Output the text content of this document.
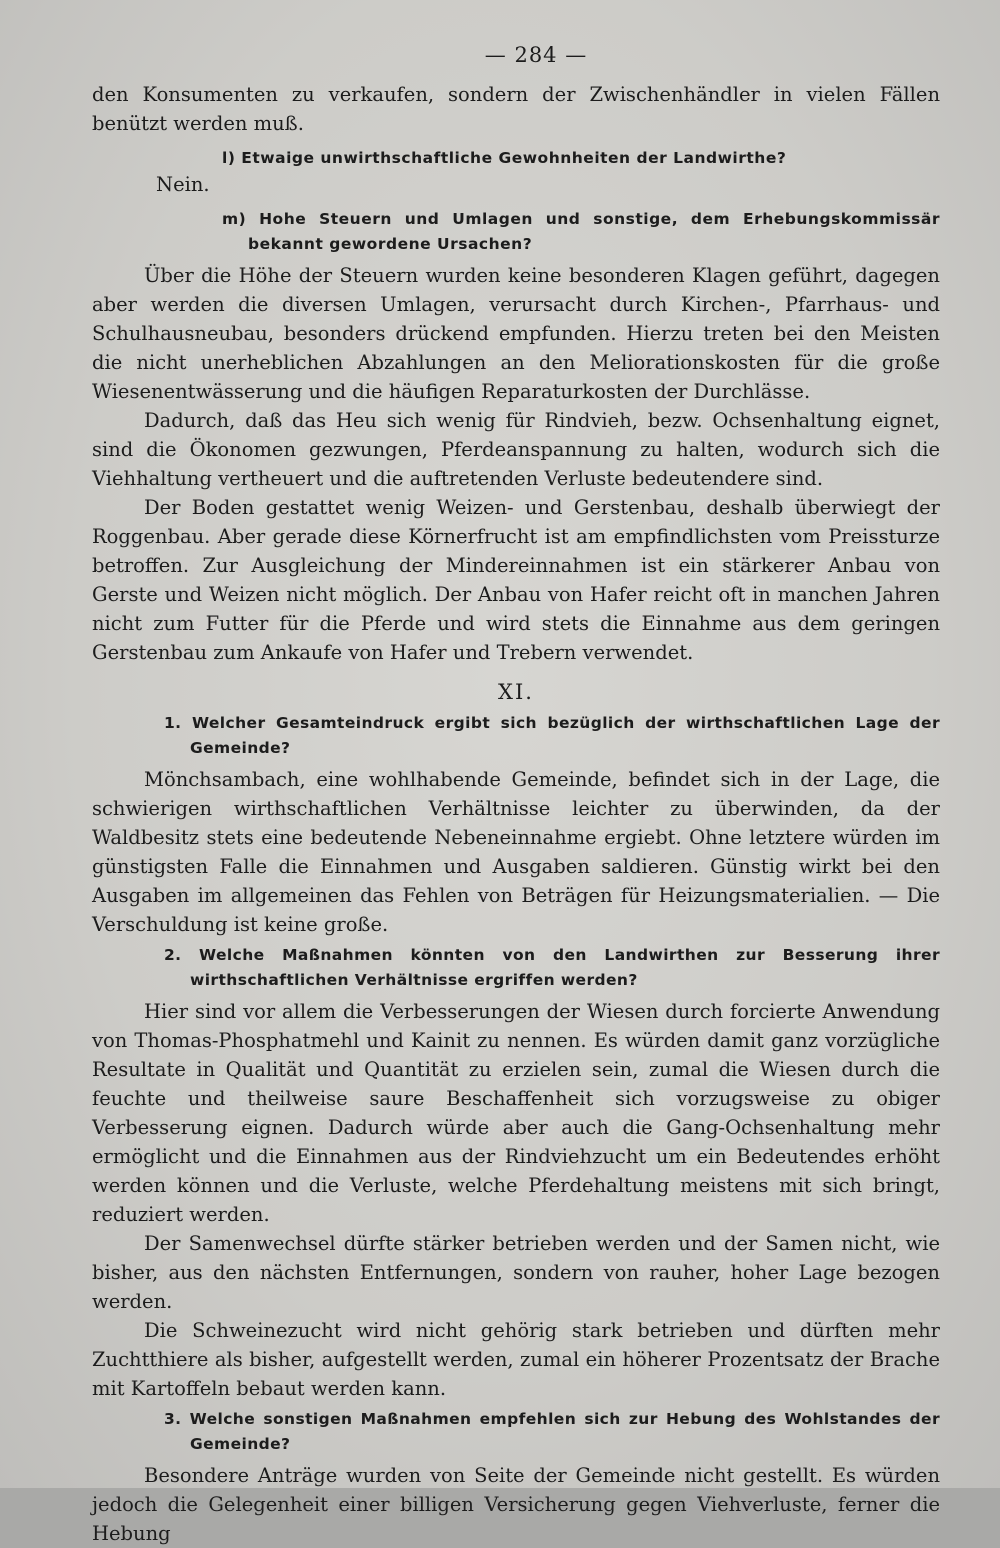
— 284 —

den Konsumenten zu verkaufen, sondern der Zwischenhändler in vielen Fällen benützt werden muß.

l) Etwaige unwirthschaftliche Gewohnheiten der Landwirthe?

Nein.

m) Hohe Steuern und Umlagen und sonstige, dem Erhebungskommissär bekannt gewordene Ursachen?

Über die Höhe der Steuern wurden keine besonderen Klagen geführt, dagegen aber werden die diversen Umlagen, verursacht durch Kirchen-, Pfarrhaus- und Schulhausneubau, besonders drückend empfunden. Hierzu treten bei den Meisten die nicht unerheblichen Abzahlungen an den Meliorationskosten für die große Wiesenentwässerung und die häufigen Reparaturkosten der Durchlässe.

Dadurch, daß das Heu sich wenig für Rindvieh, bezw. Ochsenhaltung eignet, sind die Ökonomen gezwungen, Pferdeanspannung zu halten, wodurch sich die Viehhaltung vertheuert und die auftretenden Verluste bedeutendere sind.

Der Boden gestattet wenig Weizen- und Gerstenbau, deshalb überwiegt der Roggenbau. Aber gerade diese Körnerfrucht ist am empfindlichsten vom Preissturze betroffen. Zur Ausgleichung der Mindereinnahmen ist ein stärkerer Anbau von Gerste und Weizen nicht möglich. Der Anbau von Hafer reicht oft in manchen Jahren nicht zum Futter für die Pferde und wird stets die Einnahme aus dem geringen Gerstenbau zum Ankaufe von Hafer und Trebern verwendet.

XI.

1. Welcher Gesamteindruck ergibt sich bezüglich der wirthschaftlichen Lage der Gemeinde?

Mönchsambach, eine wohlhabende Gemeinde, befindet sich in der Lage, die schwierigen wirthschaftlichen Verhältnisse leichter zu überwinden, da der Waldbesitz stets eine bedeutende Nebeneinnahme ergiebt. Ohne letztere würden im günstigsten Falle die Einnahmen und Ausgaben saldieren. Günstig wirkt bei den Ausgaben im allgemeinen das Fehlen von Beträgen für Heizungsmaterialien. — Die Verschuldung ist keine große.

2. Welche Maßnahmen könnten von den Landwirthen zur Besserung ihrer wirthschaftlichen Verhältnisse ergriffen werden?

Hier sind vor allem die Verbesserungen der Wiesen durch forcierte Anwendung von Thomas-Phosphatmehl und Kainit zu nennen. Es würden damit ganz vorzügliche Resultate in Qualität und Quantität zu erzielen sein, zumal die Wiesen durch die feuchte und theilweise saure Beschaffenheit sich vorzugsweise zu obiger Verbesserung eignen. Dadurch würde aber auch die Gang-Ochsenhaltung mehr ermöglicht und die Einnahmen aus der Rindviehzucht um ein Bedeutendes erhöht werden können und die Verluste, welche Pferdehaltung meistens mit sich bringt, reduziert werden.

Der Samenwechsel dürfte stärker betrieben werden und der Samen nicht, wie bisher, aus den nächsten Entfernungen, sondern von rauher, hoher Lage bezogen werden.

Die Schweinezucht wird nicht gehörig stark betrieben und dürften mehr Zuchtthiere als bisher, aufgestellt werden, zumal ein höherer Prozentsatz der Brache mit Kartoffeln bebaut werden kann.

3. Welche sonstigen Maßnahmen empfehlen sich zur Hebung des Wohlstandes der Gemeinde?

Besondere Anträge wurden von Seite der Gemeinde nicht gestellt. Es würden jedoch die Gelegenheit einer billigen Versicherung gegen Viehverluste, ferner die Hebung
